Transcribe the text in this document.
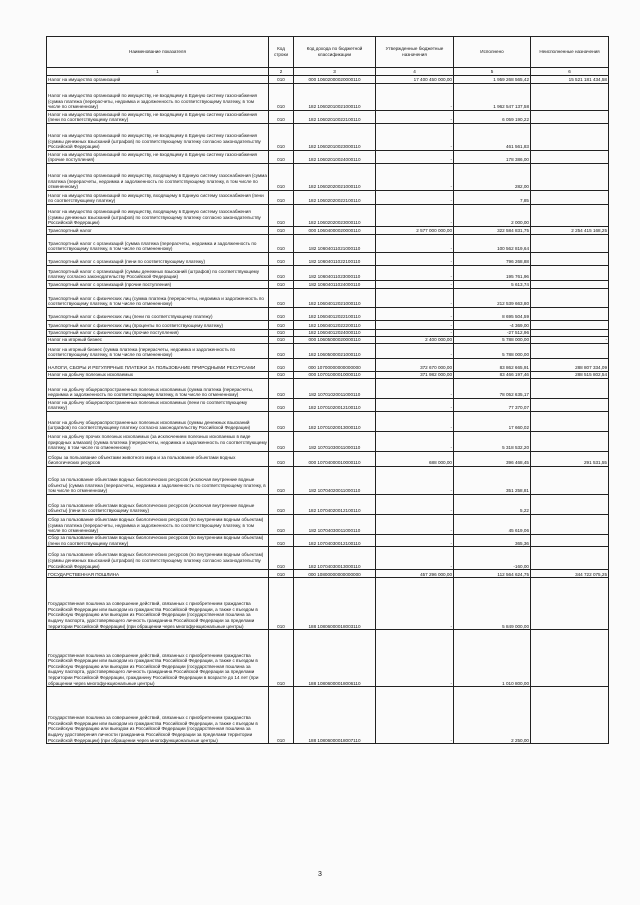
Наименование показателя	Код строки	Код дохода по бюджетной классификации	Утвержденные бюджетные назначения	Исполнено	Неисполненные назначения
1	2	3	4	5	6
Налог на имущество организаций	010	000 10602000020000110	17 400 450 000,00	1 959 268 565,42	15 521 181 434,58
Налог на имущество организаций по имуществу, не входящему в Единую систему газоснабжения (сумма платежа (перерасчеты, недоимка и задолженность по соответствующему платежу, в том числе по отмененному)	010	182 10602010021000110	-	1 962 547 137,58	
Налог на имущество организаций по имуществу, не входящему в Единую систему газоснабжения (пени по соответствующему платежу)	010	182 10602010022100110	-	6 059 190,22	
Налог на имущество организаций по имуществу, не входящему в Единую систему газоснабжения (суммы денежных взысканий (штрафов) по соответствующему платежу согласно законодательству Российской Федерации)	010	182 10602010023000110	-	461 561,83	
Налог на имущество организаций по имуществу, не входящему в Единую систему газоснабжения (прочие поступления)	010	182 10602010024000110	-	178 386,00	
Налог на имущество организаций по имуществу, входящему в Единую систему газоснабжения (сумма платежа (перерасчеты, недоимка и задолженность по соответствующему платежу, в том числе по отмененному)	010	182 10602020021000110	-	282,00	
Налог на имущество организаций по имуществу, входящему в Единую систему газоснабжения (пени по соответствующему платежу)	010	182 10602020022100110	-	7,85	
Налог на имущество организаций по имуществу, входящему в Единую систему газоснабжения (суммы денежных взысканий (штрафов) по соответствующему платежу согласно законодательству Российской Федерации)	010	182 10602020023000110	-	2 000,00	
Транспортный налог	010	000 10604000020000110	2 577 000 000,00	322 584 831,75	2 254 415 168,25
Транспортный налог с организаций (сумма платежа (перерасчеты, недоимка и задолженность по соответствующему платежу, в том числе по отмененному)	010	182 10604011021000110	-	100 562 819,64	
Транспортный налог с организаций (пени по соответствующему платежу)	010	182 10604011022100110	-	796 268,88	
Транспортный налог с организаций (суммы денежных взысканий (штрафов) по соответствующему платежу согласно законодательству Российской Федерации)	010	182 10604011023000110	-	195 761,96	
Транспортный налог с организаций (прочие поступления)	010	182 10604011024000110	-	5 613,74	
Транспортный налог с физических лиц (сумма платежа (перерасчеты, недоимка и задолженность по соответствующему платежу, в том числе по отмененному)	010	182 10604012021000110	-	212 539 663,80	
Транспортный налог с физических лиц (пени по соответствующему платежу)	010	182 10604012022100110	-	8 695 504,59	
Транспортный налог с физических лиц (проценты по соответствующему платежу)	010	182 10604012022200110	-	-4 369,00	
Транспортный налог с физических лиц (прочие поступления)	010	182 10604012024000110	-	-27 512,96	
Налог на игорный бизнес	010	000 10605000020000110	2 400 000,00	5 788 000,00	-
Налог на игорный бизнес (сумма платежа (перерасчеты, недоимка и задолженность по соответствующему платежу, в том числе по отмененному)	010	182 10605000021000110	-	5 788 000,00	
НАЛОГИ, СБОРЫ И РЕГУЛЯРНЫЕ ПЛАТЕЖИ ЗА ПОЛЬЗОВАНИЕ ПРИРОДНЫМИ РЕСУРСАМИ	010	000 10700000000000000	372 670 000,00	83 862 665,91	288 807 334,09
Налог на добычу полезных ископаемых	010	000 10701000010000110	371 982 000,00	83 466 197,46	288 515 802,54
Налог на добычу общераспространенных полезных ископаемых (сумма платежа (перерасчеты, недоимка и задолженность по соответствующему платежу, в том числе по отмененному)	010	182 10701020011000110	-	78 052 635,17	
Налог на добычу общераспространенных полезных ископаемых (пени по соответствующему платежу)	010	182 10701020012100110	-	77 370,07	
Налог на добычу общераспространенных полезных ископаемых (суммы денежных взысканий (штрафов) по соответствующему платежу согласно законодательству Российской Федерации)	010	182 10701020013000110	-	17 660,02	
Налог на добычу прочих полезных ископаемых (за исключением полезных ископаемых в виде природных алмазов) (сумма платежа (перерасчеты, недоимка и задолженность по соответствующему платежу, в том числе по отмененному)	010	182 10701030011000110	-	5 318 532,20	
Сборы за пользование объектами животного мира и за пользование объектами водных биологических ресурсов	010	000 10704000010000110	688 000,00	396 468,45	291 531,55
Сбор за пользование объектами водных биологических ресурсов (исключая внутренние водные объекты) (сумма платежа (перерасчеты, недоимка и задолженность по соответствующему платежу, в том числе по отмененному)	010	182 10704020011000110	-	351 258,81	
Сбор за пользование объектами водных биологических ресурсов (исключая внутренние водные объекты) (пени по соответствующему платежу)	010	182 10704020012100110	-	5,22	
Сбор за пользование объектами водных биологических ресурсов (по внутренним водным объектам) (сумма платежа (перерасчеты, недоимка и задолженность по соответствующему платежу, в том числе по отмененному)	010	182 10704030011000110	-	45 619,06	
Сбор за пользование объектами водных биологических ресурсов (по внутренним водным объектам) (пени по соответствующему платежу)	010	182 10704030012100110	-	365,36	
Сбор за пользование объектами водных биологических ресурсов (по внутренним водным объектам) (суммы денежных взысканий (штрафов) по соответствующему платежу согласно законодательству Российской Федерации)	010	182 10704030013000110	-	-160,00	
ГОСУДАРСТВЕННАЯ ПОШЛИНА	010	000 10800000000000000	457 296 000,00	112 564 624,75	344 722 075,25
Государственная пошлина за совершение действий, связанных с приобретением гражданства Российской Федерации или выходом из гражданства Российской Федерации, а также с въездом в Российскую Федерацию или выездом из Российской Федерации (государственная пошлина за выдачу паспорта, удостоверяющего личность гражданина Российской Федерации за пределами территории Российской Федерации) (при обращении через многофункциональные центры)	010	188 10806000018003110	-	5 849 000,00	
Государственная пошлина за совершение действий, связанных с приобретением гражданства Российской Федерации или выходом из гражданства Российской Федерации, а также с въездом в Российскую Федерацию или выездом из Российской Федерации (государственная пошлина за выдачу паспорта, удостоверяющего личность гражданина Российской Федерации за пределами территории Российской Федерации, гражданину Российской Федерации в возрасте до 14 лет (при обращении через многофункциональные центры)	010	188 10806000018006110	-	1 010 800,00	
Государственная пошлина за совершение действий, связанных с приобретением гражданства Российской Федерации или выходом из гражданства Российской Федерации, а также с въездом в Российскую Федерацию или выездом из Российской Федерации (государственная пошлина за выдачу удостоверения личности гражданина Российской Федерации за пределами территории Российской Федерации) (при обращении через многофункциональные центры)	010	188 10806000018007110	-	2 250,00	
3
